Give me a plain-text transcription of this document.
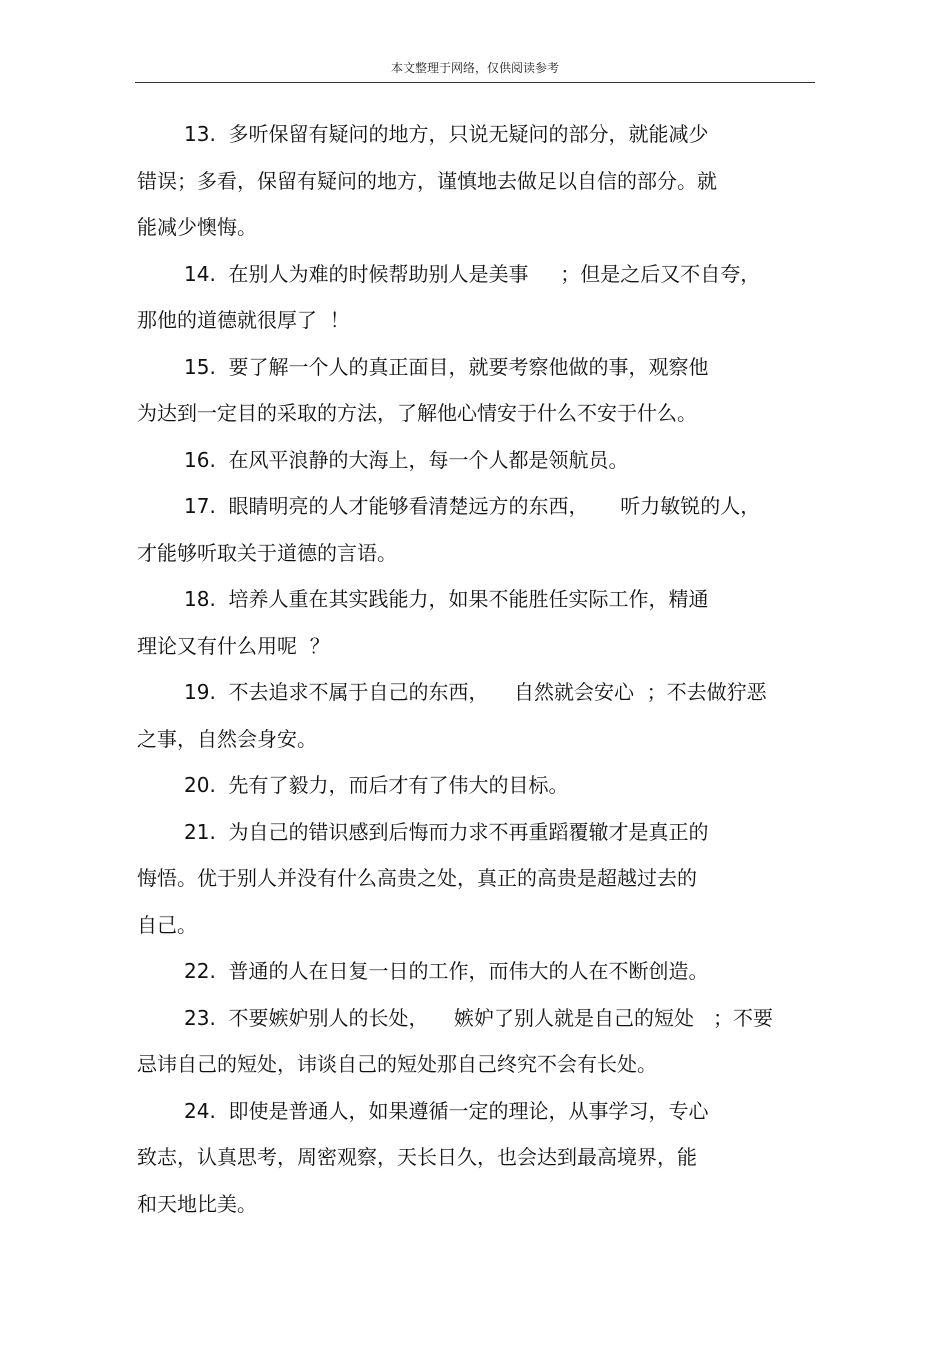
本文整理于网络，仅供阅读参考
13.  多听保留有疑问的地方，只说无疑问的部分，就能减少
错误；多看，保留有疑问的地方，谨慎地去做足以自信的部分。就
能减少懊悔。
14.  在别人为难的时候帮助别人是美事     ；但是之后又不自夸，
那他的道德就很厚了  ！
15.  要了解一个人的真正面目，就要考察他做的事，观察他
为达到一定目的采取的方法，了解他心情安于什么不安于什么。
16.  在风平浪静的大海上，每一个人都是领航员。
17.  眼睛明亮的人才能够看清楚远方的东西，     听力敏锐的人，
才能够听取关于道德的言语。
18.  培养人重在其实践能力，如果不能胜任实际工作，精通
理论又有什么用呢  ？
19.  不去追求不属于自己的东西，    自然就会安心  ；不去做狞恶
之事，自然会身安。
20.  先有了毅力，而后才有了伟大的目标。
21.  为自己的错识感到后悔而力求不再重蹈覆辙才是真正的
悔悟。优于别人并没有什么高贵之处，真正的高贵是超越过去的
自己。
22.  普通的人在日复一日的工作，而伟大的人在不断创造。
23.  不要嫉妒别人的长处，    嫉妒了别人就是自己的短处   ；不要
忌讳自己的短处，讳谈自己的短处那自己终究不会有长处。
24.  即使是普通人，如果遵循一定的理论，从事学习，专心
致志，认真思考，周密观察，天长日久，也会达到最高境界，能
和天地比美。
